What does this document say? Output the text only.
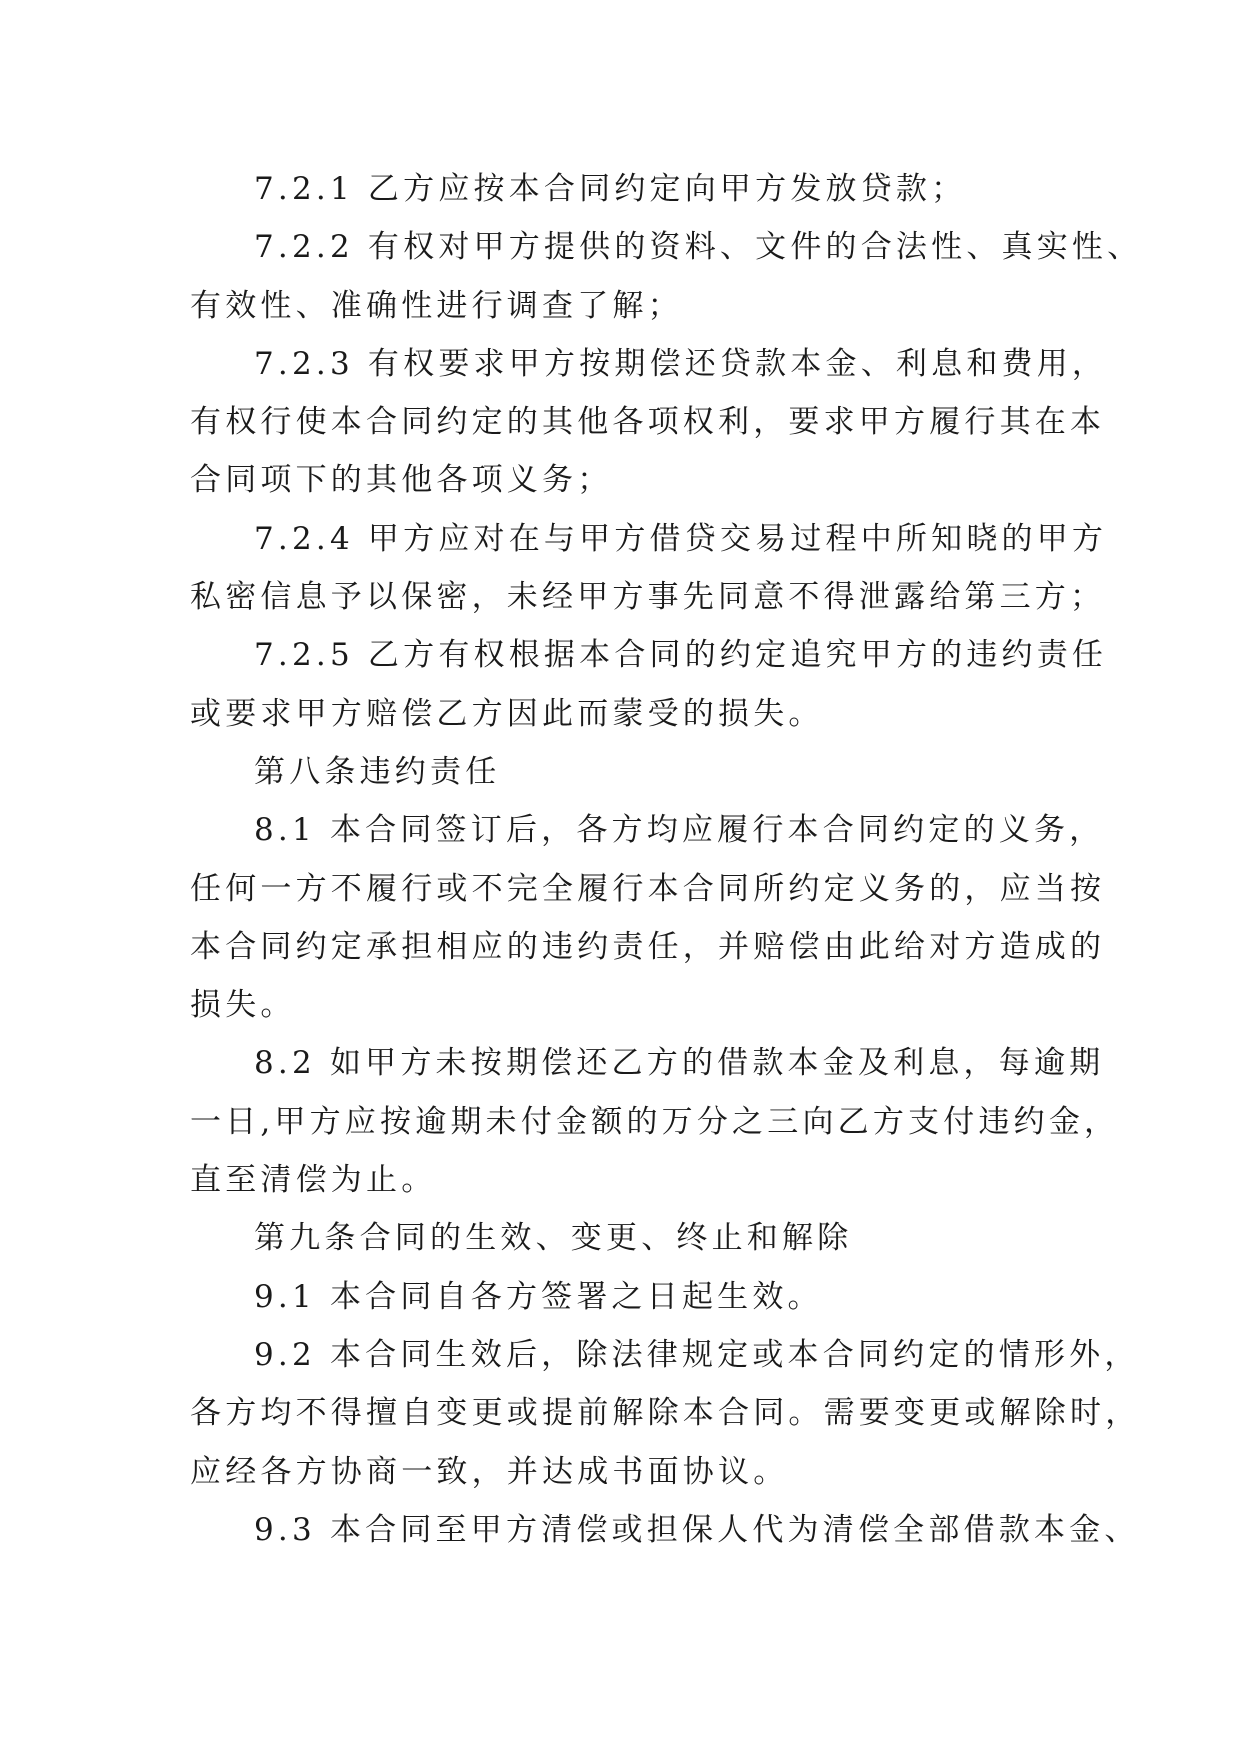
7.2.1 乙方应按本合同约定向甲方发放贷款；
7.2.2 有权对甲方提供的资料、文件的合法性、真实性、
有效性、准确性进行调查了解；
7.2.3 有权要求甲方按期偿还贷款本金、利息和费用，
有权行使本合同约定的其他各项权利，要求甲方履行其在本
合同项下的其他各项义务；
7.2.4 甲方应对在与甲方借贷交易过程中所知晓的甲方
私密信息予以保密，未经甲方事先同意不得泄露给第三方；
7.2.5 乙方有权根据本合同的约定追究甲方的违约责任
或要求甲方赔偿乙方因此而蒙受的损失。
第八条违约责任
8.1 本合同签订后，各方均应履行本合同约定的义务，
任何一方不履行或不完全履行本合同所约定义务的，应当按
本合同约定承担相应的违约责任，并赔偿由此给对方造成的
损失。
8.2 如甲方未按期偿还乙方的借款本金及利息，每逾期
一日,甲方应按逾期未付金额的万分之三向乙方支付违约金，
直至清偿为止。
第九条合同的生效、变更、终止和解除
9.1 本合同自各方签署之日起生效。
9.2 本合同生效后，除法律规定或本合同约定的情形外，
各方均不得擅自变更或提前解除本合同。需要变更或解除时，
应经各方协商一致，并达成书面协议。
9.3 本合同至甲方清偿或担保人代为清偿全部借款本金、
